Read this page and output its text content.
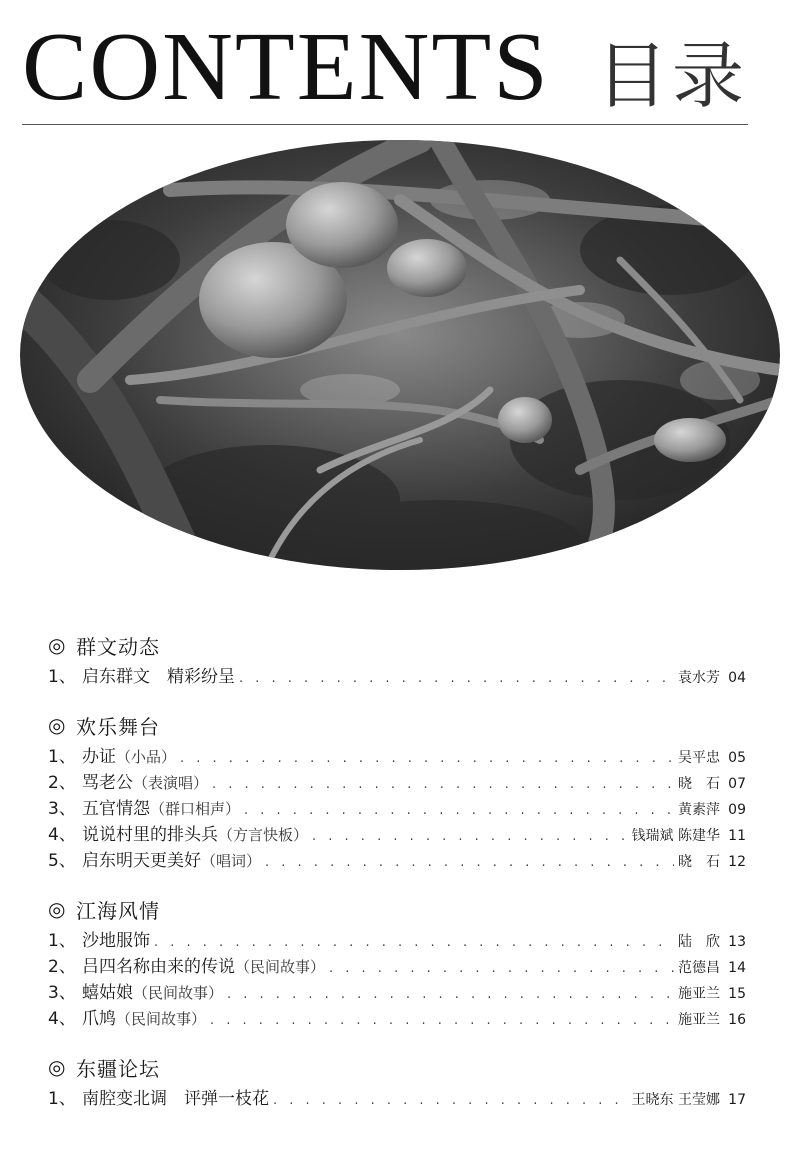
CONTENTS 目录
◎ 群文动态
1、 启东群文　精彩纷呈 . . .	袁水芳 04
◎ 欢乐舞台
1、 办证 （小品） . . .	吴平忠 05
2、 骂老公 （表演唱） . . .	晓　石 07
3、 五官情怨 （群口相声） . . .	黄素萍 09
4、 说说村里的排头兵 （方言快板） . . .	钱瑞斌 陈建华 11
5、 启东明天更美好 （唱词） . . .	晓　石 12
◎ 江海风情
1、 沙地服饰 . . .	陆　欣 13
2、 吕四名称由来的传说 （民间故事） . . .	范德昌 14
3、 蟢姑娘 （民间故事） . . .	施亚兰 15
4、 爪鸠 （民间故事） . . .	施亚兰 16
◎ 东疆论坛
1、 南腔变北调　评弹一枝花 . . .	王晓东 王莹娜 17
